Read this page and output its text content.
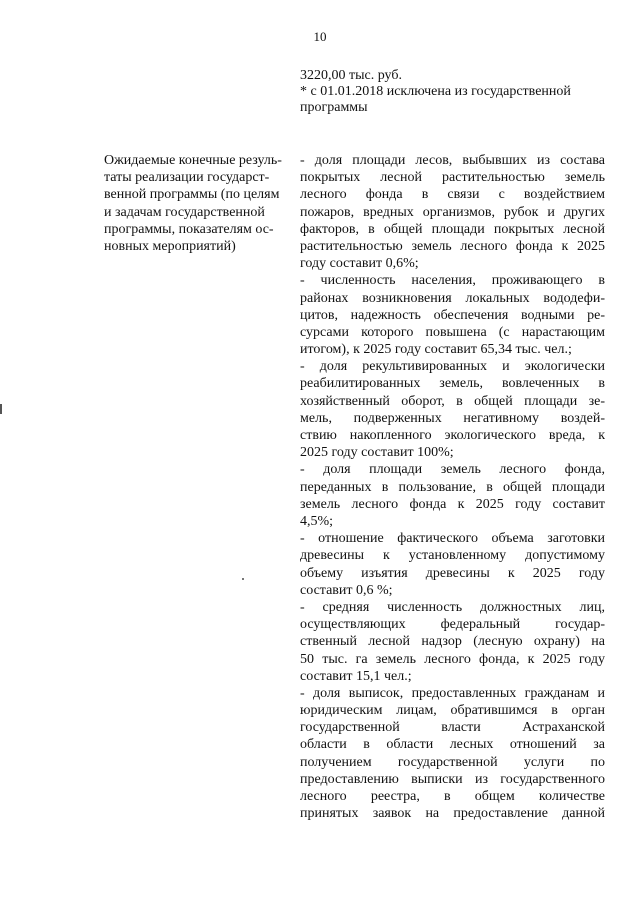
10
3220,00 тыс. руб.
* с 01.01.2018 исключена из государственной
программы
Ожидаемые конечные резуль-
таты реализации государст-
венной программы (по целям
и задачам государственной
программы, показателям ос-
новных мероприятий)
- доля площади лесов, выбывших из состава
покрытых лесной растительностью земель
лесного фонда в связи с воздействием
пожаров, вредных организмов, рубок и других
факторов, в общей площади покрытых лесной
растительностью земель лесного фонда к 2025
году составит 0,6%;
- численность населения, проживающего в
районах возникновения локальных вододефи-
цитов, надежность обеспечения водными ре-
сурсами которого повышена (с нарастающим
итогом), к 2025 году составит 65,34 тыс. чел.;
- доля рекультивированных и экологически
реабилитированных земель, вовлеченных в
хозяйственный оборот, в общей площади зе-
мель, подверженных негативному воздей-
ствию накопленного экологического вреда, к
2025 году составит 100%;
- доля площади земель лесного фонда,
переданных в пользование, в общей площади
земель лесного фонда к 2025 году составит
4,5%;
- отношение фактического объема заготовки
древесины к установленному допустимому
объему изъятия древесины к 2025 году
составит 0,6 %;
- средняя численность должностных лиц,
осуществляющих федеральный государ-
ственный лесной надзор (лесную охрану) на
50 тыс. га земель лесного фонда, к 2025 году
составит 15,1 чел.;
- доля выписок, предоставленных гражданам и
юридическим лицам, обратившимся в орган
государственной власти Астраханской
области в области лесных отношений за
получением государственной услуги по
предоставлению выписки из государственного
лесного реестра, в общем количестве
принятых заявок на предоставление данной
